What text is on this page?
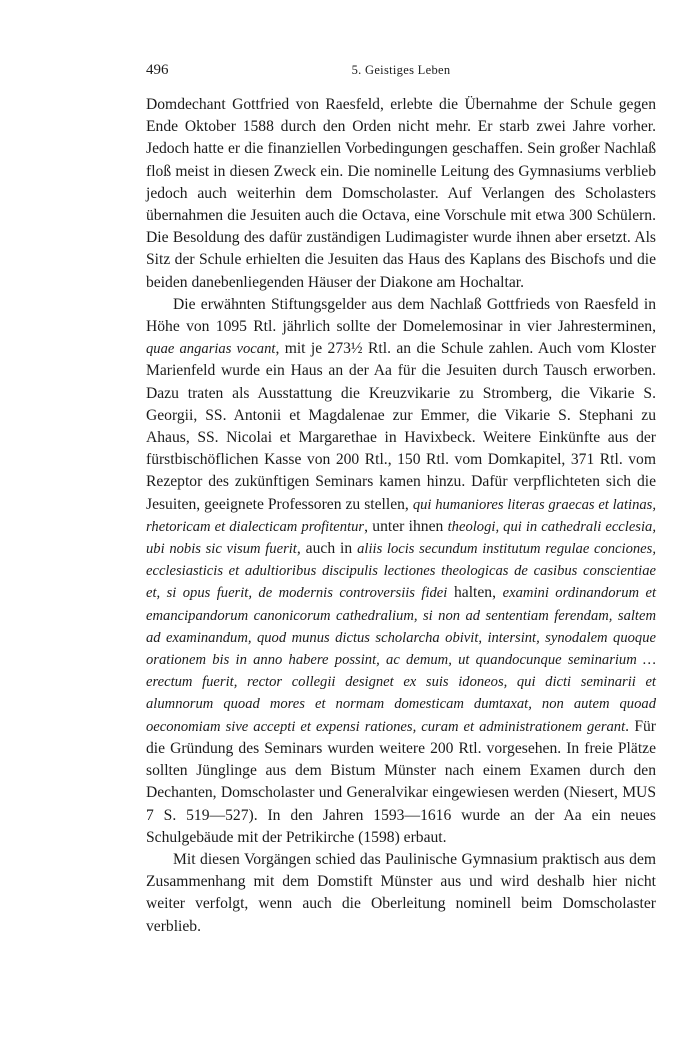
496	5. Geistiges Leben

Domdechant Gottfried von Raesfeld, erlebte die Übernahme der Schule gegen Ende Oktober 1588 durch den Orden nicht mehr. Er starb zwei Jahre vorher. Jedoch hatte er die finanziellen Vorbedingungen geschaffen. Sein großer Nachlaß floß meist in diesen Zweck ein. Die nominelle Leitung des Gymnasiums verblieb jedoch auch weiterhin dem Domscholaster. Auf Verlangen des Scholasters übernahmen die Jesuiten auch die Octava, eine Vorschule mit etwa 300 Schülern. Die Besoldung des dafür zuständigen Ludimagister wurde ihnen aber ersetzt. Als Sitz der Schule erhielten die Jesuiten das Haus des Kaplans des Bischofs und die beiden danebenliegenden Häuser der Diakone am Hochaltar.

Die erwähnten Stiftungsgelder aus dem Nachlaß Gottfrieds von Raesfeld in Höhe von 1095 Rtl. jährlich sollte der Domelemosinar in vier Jahresterminen, quae angarias vocant, mit je 273½ Rtl. an die Schule zahlen. Auch vom Kloster Marienfeld wurde ein Haus an der Aa für die Jesuiten durch Tausch erworben. Dazu traten als Ausstattung die Kreuzvikarie zu Stromberg, die Vikarie S. Georgii, SS. Antonii et Magdalenae zur Emmer, die Vikarie S. Stephani zu Ahaus, SS. Nicolai et Margarethae in Havixbeck. Weitere Einkünfte aus der fürstbischöflichen Kasse von 200 Rtl., 150 Rtl. vom Domkapitel, 371 Rtl. vom Rezeptor des zukünftigen Seminars kamen hinzu. Dafür verpflichteten sich die Jesuiten, geeignete Professoren zu stellen, qui humaniores literas graecas et latinas, rhetoricam et dialecticam profitentur, unter ihnen theologi, qui in cathedrali ecclesia, ubi nobis sic visum fuerit, auch in aliis locis secundum institutum regulae conciones, ecclesiasticis et adultioribus discipulis lectiones theologicas de casibus conscientiae et, si opus fuerit, de modernis controversiis fidei halten, examini ordinandorum et emancipandorum canonicorum cathedralium, si non ad sententiam ferendam, saltem ad examinandum, quod munus dictus scholarcha obivit, intersint, synodalem quoque orationem bis in anno habere possint, ac demum, ut quandocunque seminarium … erectum fuerit, rector collegii designet ex suis idoneos, qui dicti seminarii et alumnorum quoad mores et normam domesticam dumtaxat, non autem quoad oeconomiam sive accepti et expensi rationes, curam et administrationem gerant. Für die Gründung des Seminars wurden weitere 200 Rtl. vorgesehen. In freie Plätze sollten Jünglinge aus dem Bistum Münster nach einem Examen durch den Dechanten, Domscholaster und Generalvikar eingewiesen werden (Niesert, MUS 7 S. 519—527). In den Jahren 1593—1616 wurde an der Aa ein neues Schulgebäude mit der Petrikirche (1598) erbaut.

Mit diesen Vorgängen schied das Paulinische Gymnasium praktisch aus dem Zusammenhang mit dem Domstift Münster aus und wird deshalb hier nicht weiter verfolgt, wenn auch die Oberleitung nominell beim Domscholaster verblieb.
